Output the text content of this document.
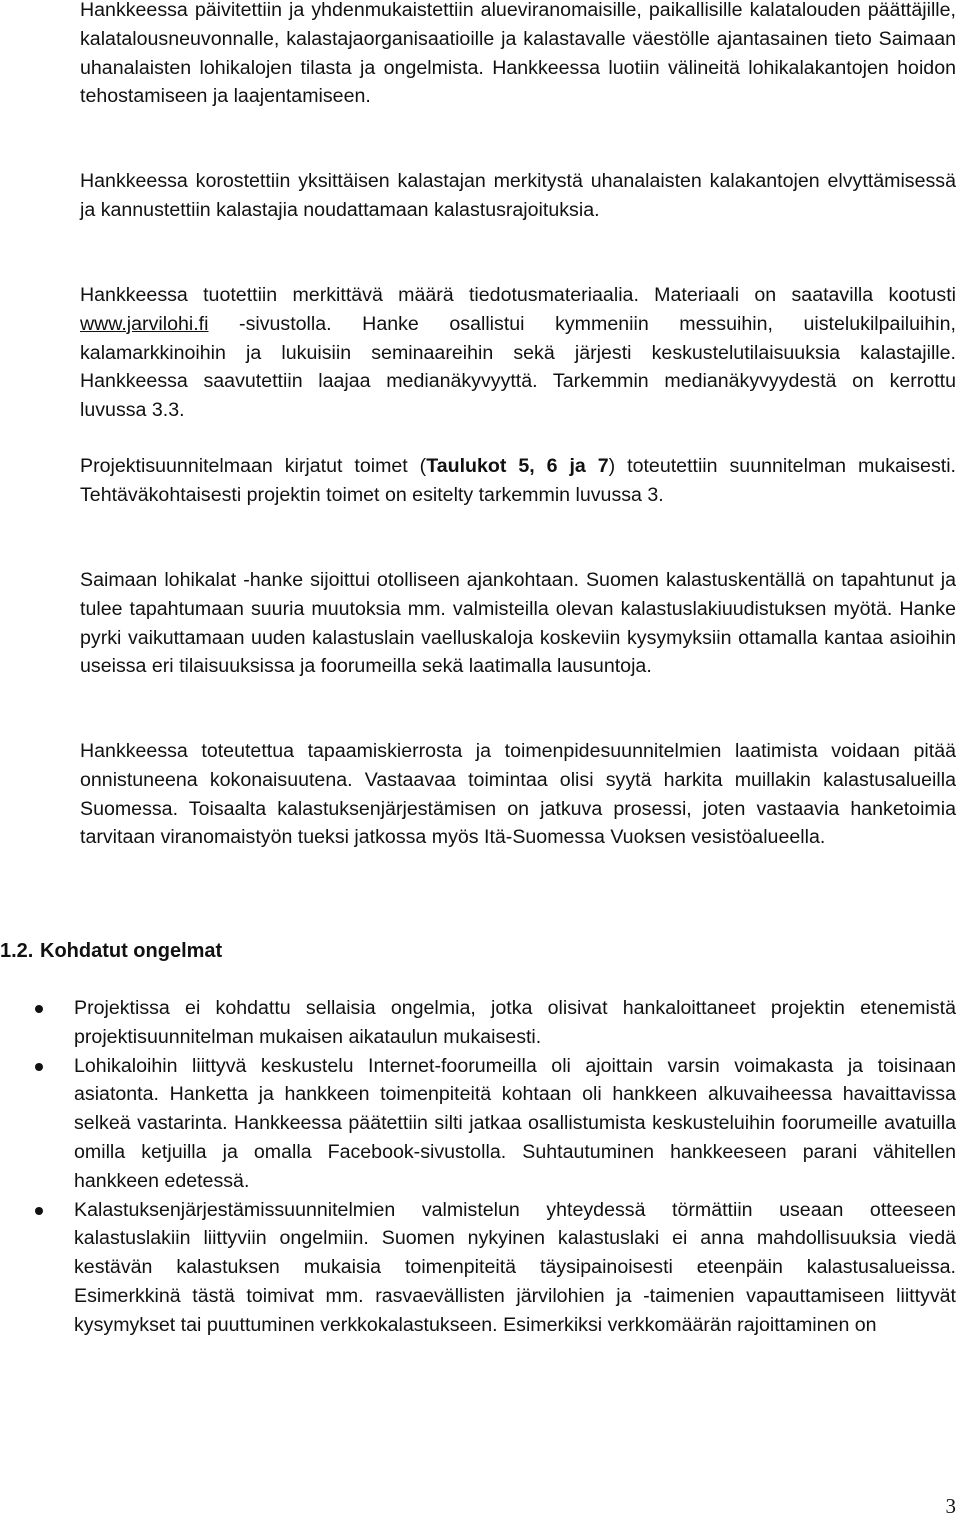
Hankkeessa päivitettiin ja yhdenmukaistettiin alueviranomaisille, paikallisille kalatalouden päättäjille, kalatalousneuvonnalle, kalastajaorganisaatioille ja kalastavalle väestölle ajantasainen tieto Saimaan uhanalaisten lohikalojen tilasta ja ongelmista. Hankkeessa luotiin välineitä lohikalakantojen hoidon tehostamiseen ja laajentamiseen.

Hankkeessa korostettiin yksittäisen kalastajan merkitystä uhanalaisten kalakantojen elvyttämisessä ja kannustettiin kalastajia noudattamaan kalastusrajoituksia.

Hankkeessa tuotettiin merkittävä määrä tiedotusmateriaalia. Materiaali on saatavilla kootusti www.jarvilohi.fi -sivustolla. Hanke osallistui kymmeniin messuihin, uistelukilpailuihin, kalamarkkinoihin ja lukuisiin seminaareihin sekä järjesti keskustelutilaisuuksia kalastajille. Hankkeessa saavutettiin laajaa medianäkyvyyttä. Tarkemmin medianäkyvyydestä on kerrottu luvussa 3.3.

Projektisuunnitelmaan kirjatut toimet (Taulukot 5, 6 ja 7) toteutettiin suunnitelman mukaisesti. Tehtäväkohtaisesti projektin toimet on esitelty tarkemmin luvussa 3.

Saimaan lohikalat -hanke sijoittui otolliseen ajankohtaan. Suomen kalastuskentällä on tapahtunut ja tulee tapahtumaan suuria muutoksia mm. valmisteilla olevan kalastuslakiuudistuksen myötä. Hanke pyrki vaikuttamaan uuden kalastuslain vaelluskaloja koskeviin kysymyksiin ottamalla kantaa asioihin useissa eri tilaisuuksissa ja foorumeilla sekä laatimalla lausuntoja.

Hankkeessa toteutettua tapaamiskierrosta ja toimenpidesuunnitelmien laatimista voidaan pitää onnistuneena kokonaisuutena. Vastaavaa toimintaa olisi syytä harkita muillakin kalastusalueilla Suomessa. Toisaalta kalastuksenjärjestämisen on jatkuva prosessi, joten vastaavia hanketoimia tarvitaan viranomaistyön tueksi jatkossa myös Itä-Suomessa Vuoksen vesistöalueella.

1.2. Kohdatut ongelmat

Projektissa ei kohdattu sellaisia ongelmia, jotka olisivat hankaloittaneet projektin etenemistä projektisuunnitelman mukaisen aikataulun mukaisesti.

Lohikaloihin liittyvä keskustelu Internet-foorumeilla oli ajoittain varsin voimakasta ja toisinaan asiatonta. Hanketta ja hankkeen toimenpiteitä kohtaan oli hankkeen alkuvaiheessa havaittavissa selkeä vastarinta. Hankkeessa päätettiin silti jatkaa osallistumista keskusteluihin foorumeille avatuilla omilla ketjuilla ja omalla Facebook-sivustolla. Suhtautuminen hankkeeseen parani vähitellen hankkeen edetessä.

Kalastuksenjärjestämissuunnitelmien valmistelun yhteydessä törmättiin useaan otteeseen kalastuslakiin liittyviin ongelmiin. Suomen nykyinen kalastuslaki ei anna mahdollisuuksia viedä kestävän kalastuksen mukaisia toimenpiteitä täysipainoisesti eteenpäin kalastusalueissa. Esimerkkinä tästä toimivat mm. rasvaevällisten järvilohien ja -taimenien vapauttamiseen liittyvät kysymykset tai puuttuminen verkkokalastukseen. Esimerkiksi verkkomäärän rajoittaminen on

3
